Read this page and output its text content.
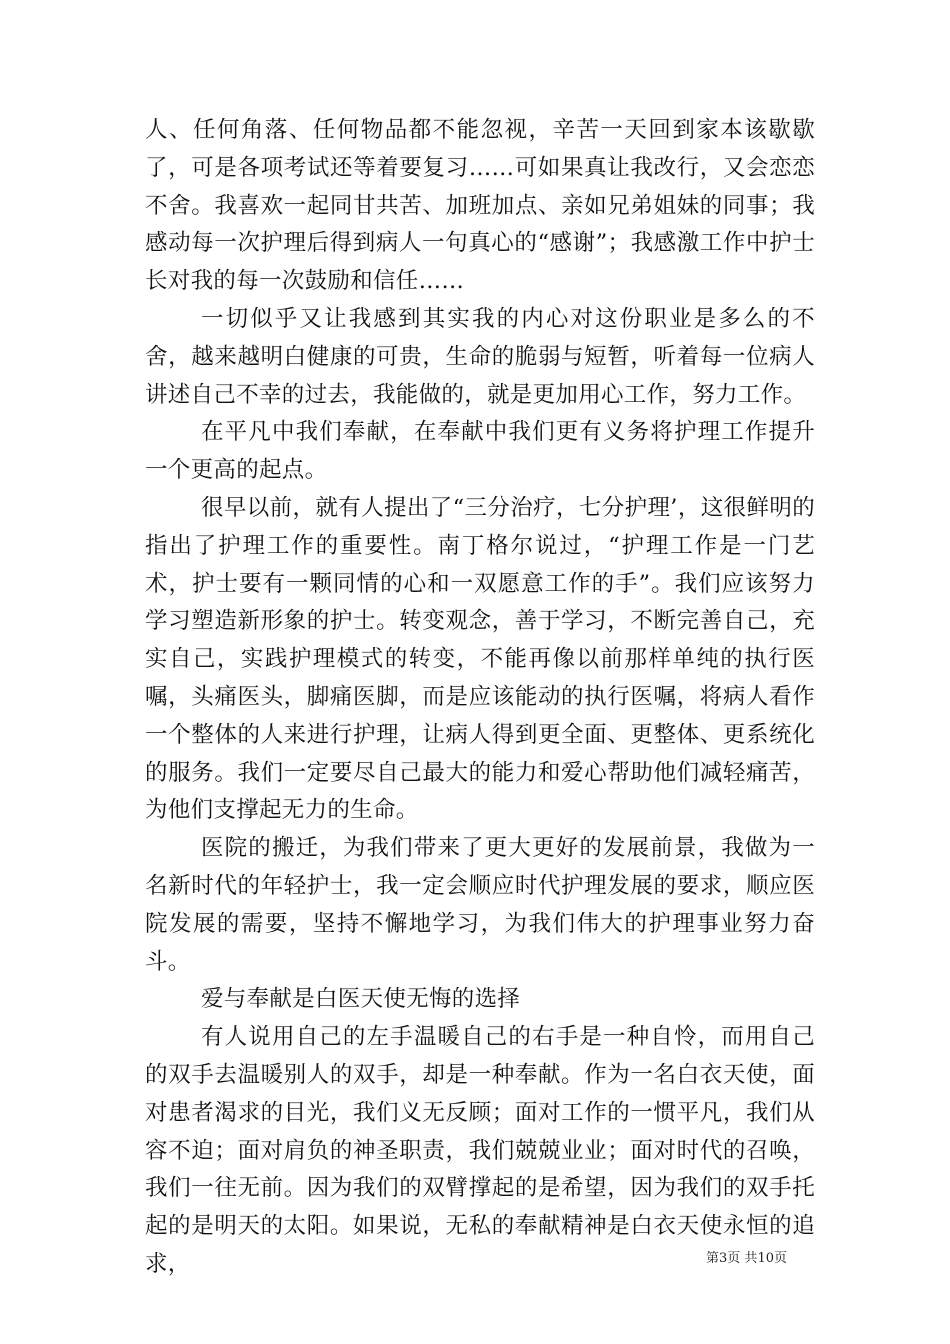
人、任何角落、任何物品都不能忽视，辛苦一天回到家本该歇歇了，可是各项考试还等着要复习……可如果真让我改行，又会恋恋不舍。我喜欢一起同甘共苦、加班加点、亲如兄弟姐妹的同事；我感动每一次护理后得到病人一句真心的“感谢”；我感激工作中护士长对我的每一次鼓励和信任……

一切似乎又让我感到其实我的内心对这份职业是多么的不舍，越来越明白健康的可贵，生命的脆弱与短暂，听着每一位病人讲述自己不幸的过去，我能做的，就是更加用心工作，努力工作。

在平凡中我们奉献，在奉献中我们更有义务将护理工作提升一个更高的起点。

很早以前，就有人提出了“三分治疗，七分护理’，这很鲜明的指出了护理工作的重要性。南丁格尔说过，“护理工作是一门艺术，护士要有一颗同情的心和一双愿意工作的手”。我们应该努力学习塑造新形象的护士。转变观念，善于学习，不断完善自己，充实自己，实践护理模式的转变，不能再像以前那样单纯的执行医嘱，头痛医头，脚痛医脚，而是应该能动的执行医嘱，将病人看作一个整体的人来进行护理，让病人得到更全面、更整体、更系统化的服务。我们一定要尽自己最大的能力和爱心帮助他们减轻痛苦，为他们支撑起无力的生命。

医院的搬迁，为我们带来了更大更好的发展前景，我做为一名新时代的年轻护士，我一定会顺应时代护理发展的要求，顺应医院发展的需要，坚持不懈地学习，为我们伟大的护理事业努力奋斗。

爱与奉献是白医天使无悔的选择

有人说用自己的左手温暖自己的右手是一种自怜，而用自己的双手去温暖别人的双手，却是一种奉献。作为一名白衣天使，面对患者渴求的目光，我们义无反顾；面对工作的一惯平凡，我们从容不迫；面对肩负的神圣职责，我们兢兢业业；面对时代的召唤，我们一往无前。因为我们的双臂撑起的是希望，因为我们的双手托起的是明天的太阳。如果说，无私的奉献精神是白衣天使永恒的追求，	第3页 共10页
